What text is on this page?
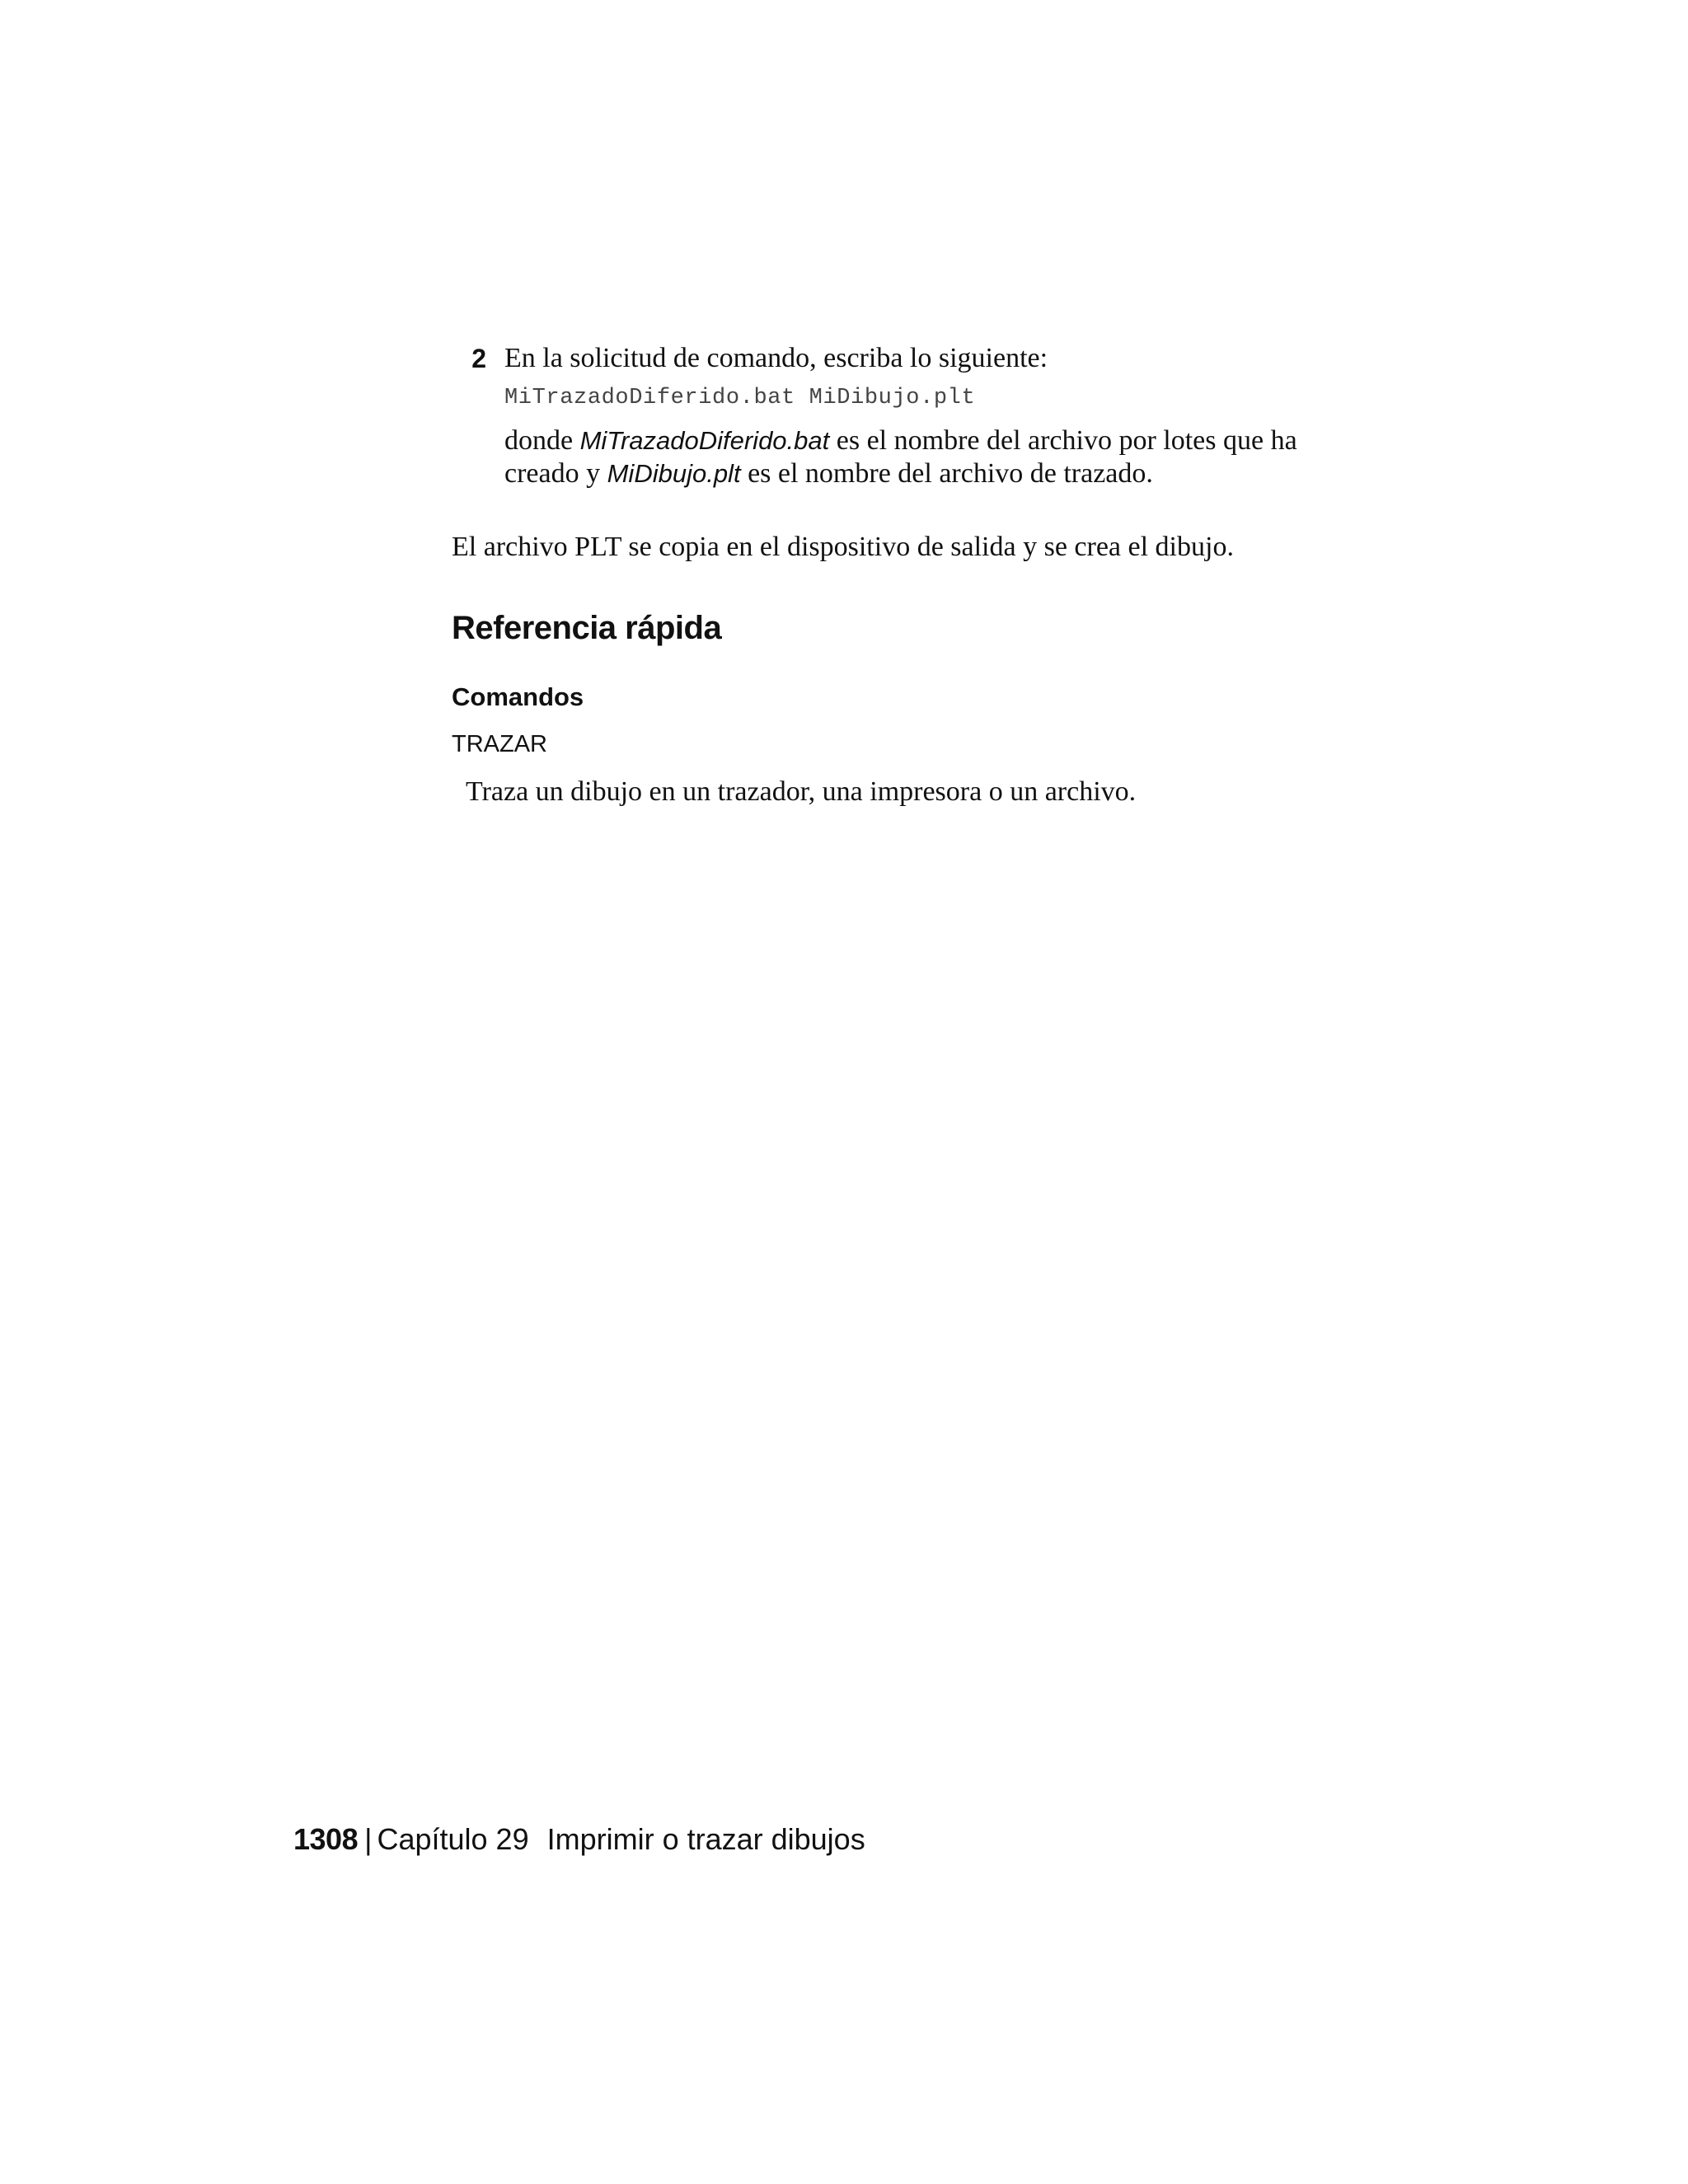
2 En la solicitud de comando, escriba lo siguiente:

MiTrazadoDiferido.bat MiDibujo.plt

donde MiTrazadoDiferido.bat es el nombre del archivo por lotes que ha creado y MiDibujo.plt es el nombre del archivo de trazado.

El archivo PLT se copia en el dispositivo de salida y se crea el dibujo.

Referencia rápida
Comandos

TRAZAR

Traza un dibujo en un trazador, una impresora o un archivo.

1308 | Capítulo 29 Imprimir o trazar dibujos
